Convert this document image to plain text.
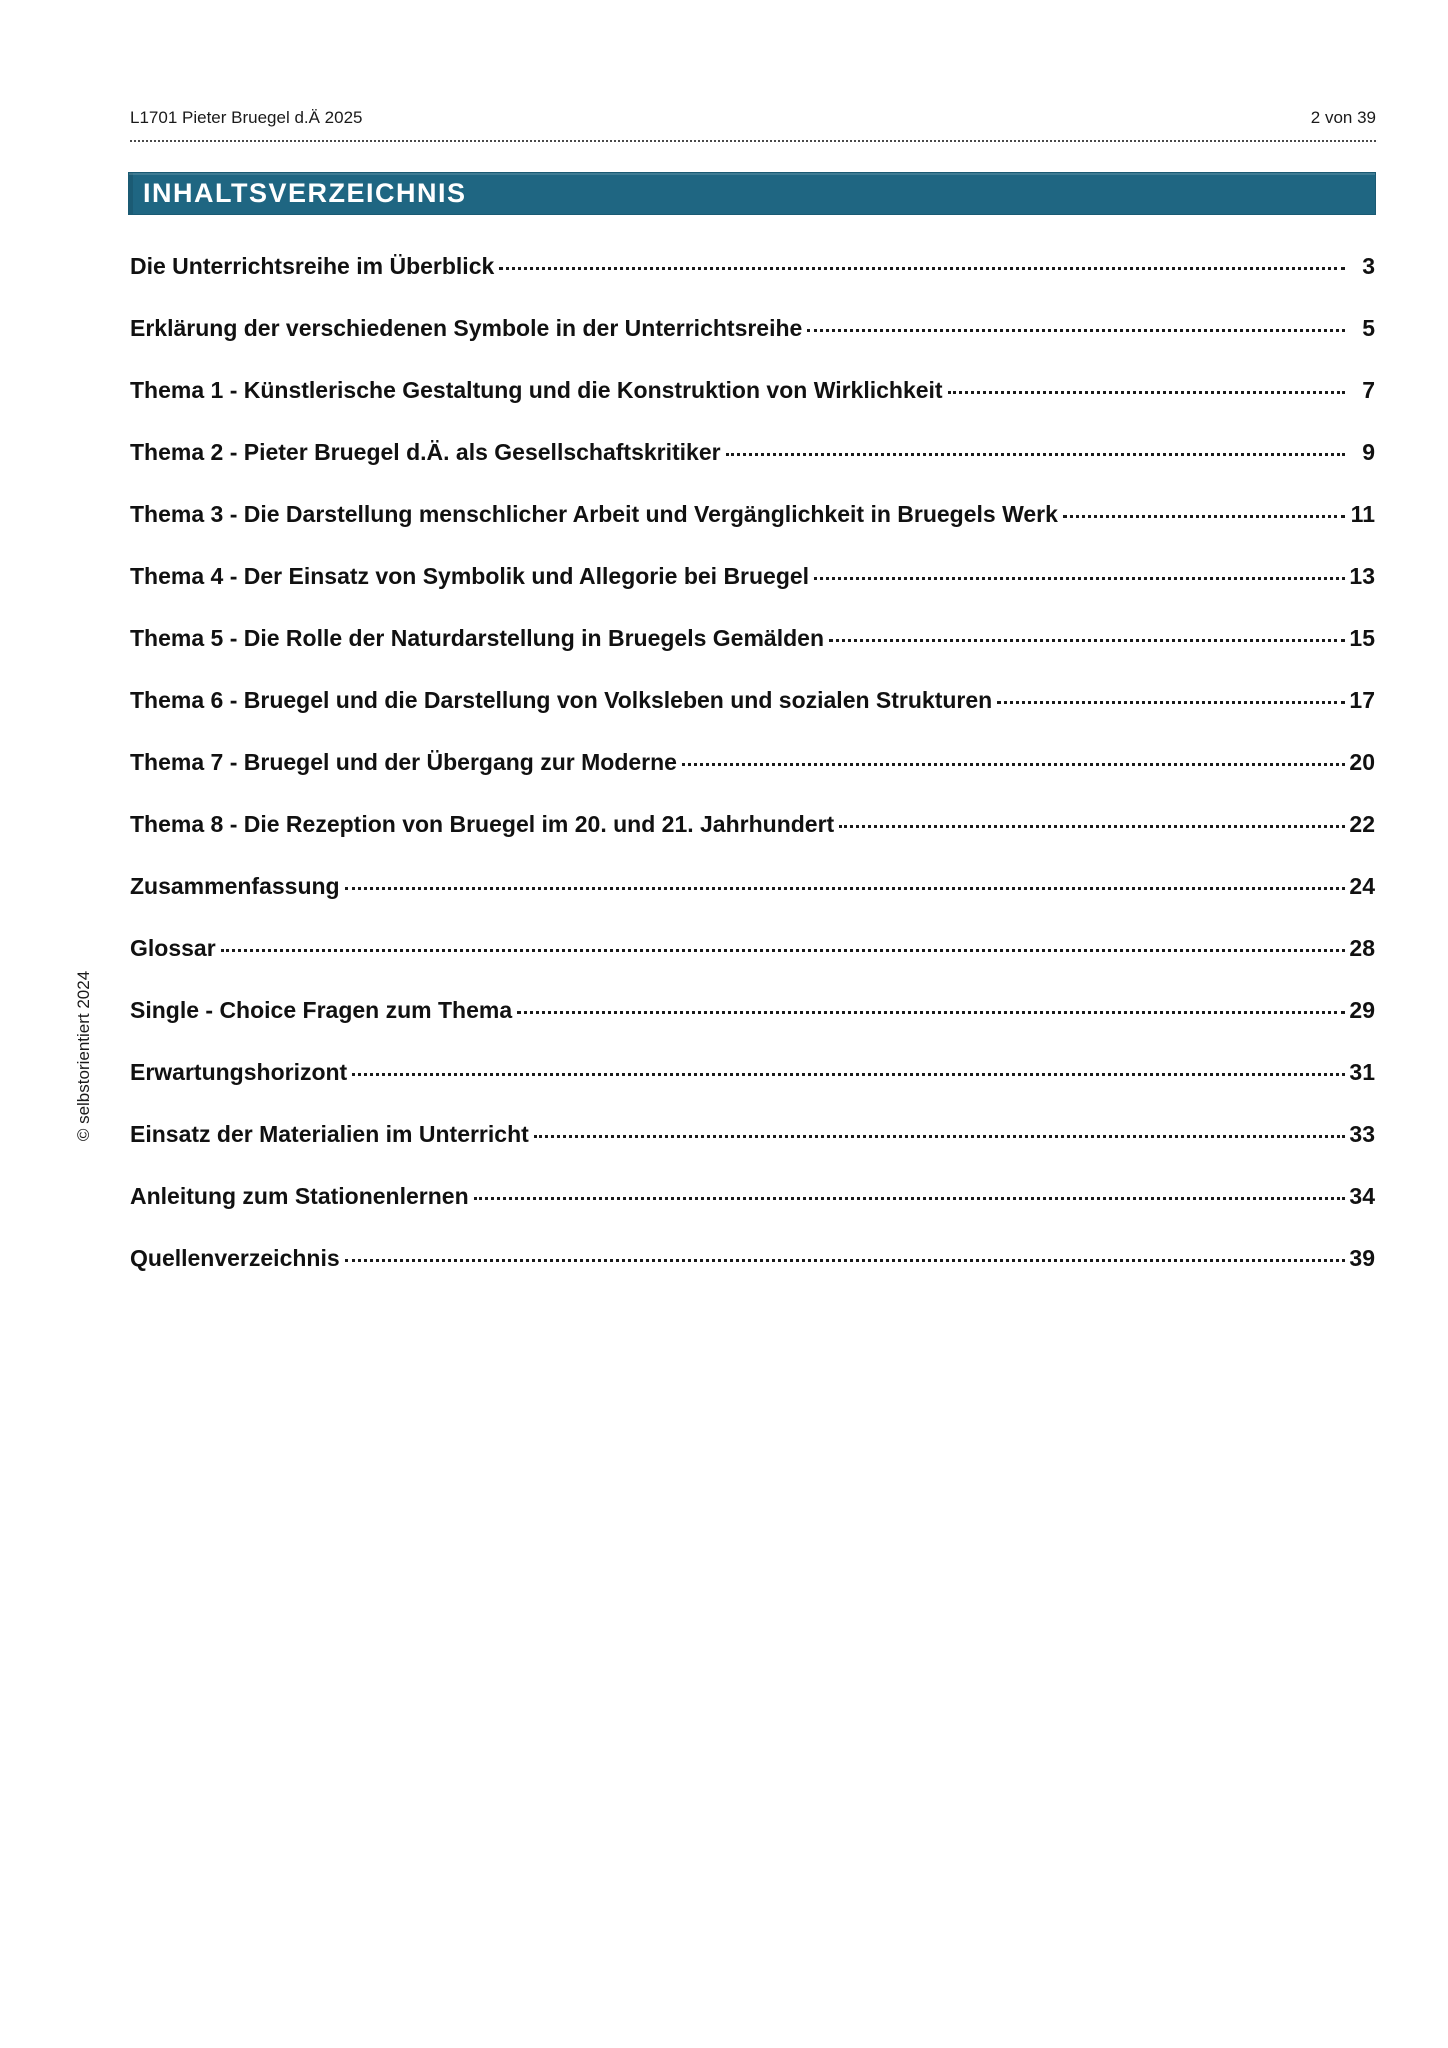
L1701 Pieter Bruegel d.Ä 2025	2 von 39
INHALTSVERZEICHNIS
Die Unterrichtsreihe im Überblick	3
Erklärung der verschiedenen Symbole in der Unterrichtsreihe	5
Thema 1 - Künstlerische Gestaltung und die Konstruktion von Wirklichkeit	7
Thema 2 - Pieter Bruegel d.Ä. als Gesellschaftskritiker	9
Thema 3 - Die Darstellung menschlicher Arbeit und Vergänglichkeit in Bruegels Werk	11
Thema 4 - Der Einsatz von Symbolik und Allegorie bei Bruegel	13
Thema 5 - Die Rolle der Naturdarstellung in Bruegels Gemälden	15
Thema 6 - Bruegel und die Darstellung von Volksleben und sozialen Strukturen	17
Thema 7 - Bruegel und der Übergang zur Moderne	20
Thema 8 - Die Rezeption von Bruegel im 20. und 21. Jahrhundert	22
Zusammenfassung	24
Glossar	28
Single - Choice Fragen zum Thema	29
Erwartungshorizont	31
Einsatz der Materialien im Unterricht	33
Anleitung zum Stationenlernen	34
Quellenverzeichnis	39
© selbstorientiert 2024
